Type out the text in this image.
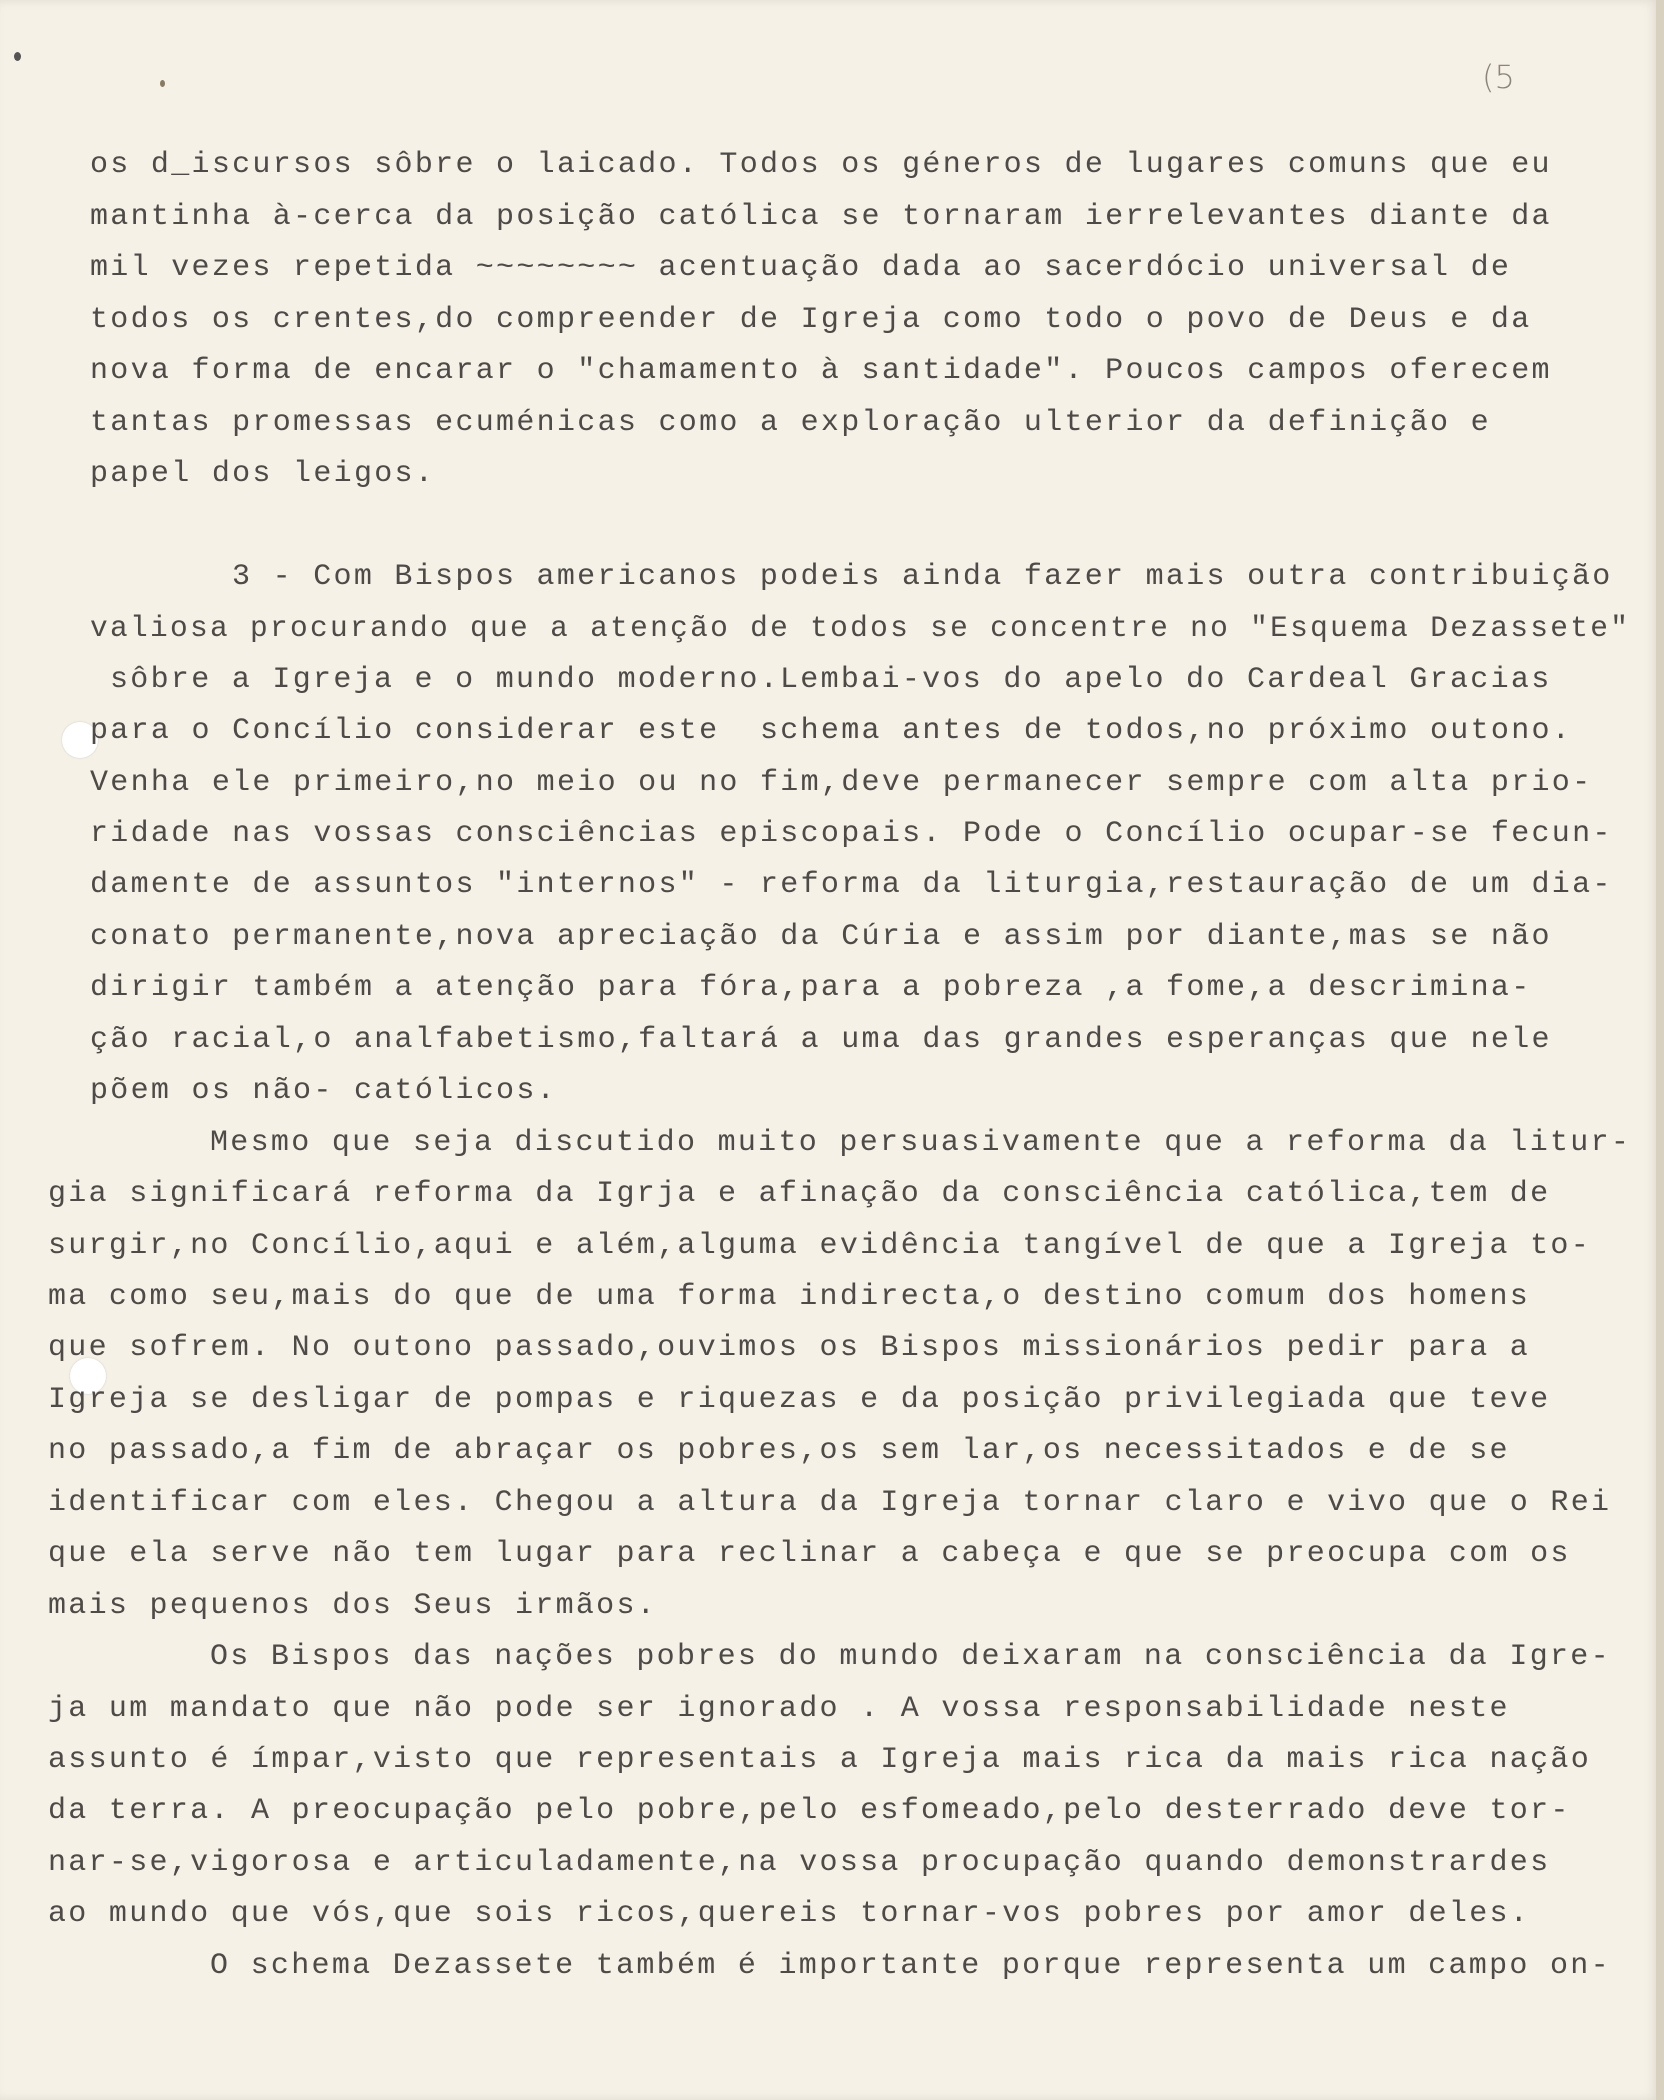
(5
os d_iscursos sôbre o laicado. Todos os géneros de lugares comuns que eu
mantinha à-cerca da posição católica se tornaram ierrelevantes diante da
mil vezes repetida ~~~~~~~~ acentuação dada ao sacerdócio universal de
todos os crentes,do compreender de Igreja como todo o povo de Deus e da
nova forma de encarar o "chamamento à santidade". Poucos campos oferecem
tantas promessas ecuménicas como a exploração ulterior da definição e
papel dos leigos.
3 - Com Bispos americanos podeis ainda fazer mais outra contribuição
valiosa procurando que a atenção de todos se concentre no "Esquema Dezassete"
sôbre a Igreja e o mundo moderno.Lembai-vos do apelo do Cardeal Gracias
para o Concílio considerar este  schema antes de todos,no próximo outono.
Venha ele primeiro,no meio ou no fim,deve permanecer sempre com alta prio-
ridade nas vossas consciências episcopais. Pode o Concílio ocupar-se fecun-
damente de assuntos "internos" - reforma da liturgia,restauração de um dia-
conato permanente,nova apreciação da Cúria e assim por diante,mas se não
dirigir também a atenção para fóra,para a pobreza ,a fome,a descrimina-
ção racial,o analfabetismo,faltará a uma das grandes esperanças que nele
põem os não- católicos.
Mesmo que seja discutido muito persuasivamente que a reforma da litur-
gia significará reforma da Igrja e afinação da consciência católica,tem de
surgir,no Concílio,aqui e além,alguma evidência tangível de que a Igreja to-
ma como seu,mais do que de uma forma indirecta,o destino comum dos homens
que sofrem. No outono passado,ouvimos os Bispos missionários pedir para a
Igreja se desligar de pompas e riquezas e da posição privilegiada que teve
no passado,a fim de abraçar os pobres,os sem lar,os necessitados e de se
identificar com eles. Chegou a altura da Igreja tornar claro e vivo que o Rei
que ela serve não tem lugar para reclinar a cabeça e que se preocupa com os
mais pequenos dos Seus irmãos.
Os Bispos das nações pobres do mundo deixaram na consciência da Igre-
ja um mandato que não pode ser ignorado . A vossa responsabilidade neste
assunto é ímpar,visto que representais a Igreja mais rica da mais rica nação
da terra. A preocupação pelo pobre,pelo esfomeado,pelo desterrado deve tor-
nar-se,vigorosa e articuladamente,na vossa procupação quando demonstrardes
ao mundo que vós,que sois ricos,quereis tornar-vos pobres por amor deles.
O schema Dezassete também é importante porque representa um campo on-
